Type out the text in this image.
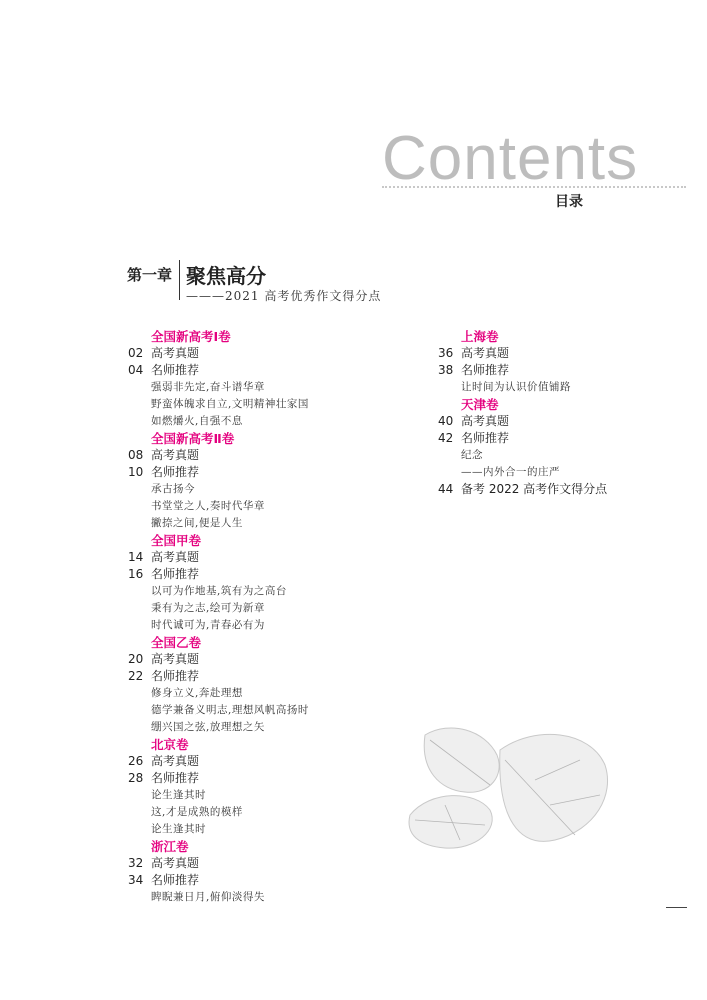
Contents
目录
第一章 聚焦高分
———2021 高考优秀作文得分点
全国新高考Ⅰ卷
02 高考真题
04 名师推荐
强弱非先定,奋斗谱华章
野蛮体魄求自立,文明精神壮家国
如燃爝火,自强不息
全国新高考Ⅱ卷
08 高考真题
10 名师推荐
承古扬今
书堂堂之人,奏时代华章
撇捺之间,便是人生
全国甲卷
14 高考真题
16 名师推荐
以可为作地基,筑有为之高台
秉有为之志,绘可为新章
时代诚可为,青春必有为
全国乙卷
20 高考真题
22 名师推荐
修身立义,奔赴理想
德学兼备义明志,理想风帆高扬时
绷兴国之弦,放理想之矢
北京卷
26 高考真题
28 名师推荐
论生逢其时
这,才是成熟的模样
论生逢其时
浙江卷
32 高考真题
34 名师推荐
睥睨兼日月,俯仰淡得失
上海卷
36 高考真题
38 名师推荐
让时间为认识价值铺路
天津卷
40 高考真题
42 名师推荐
纪念
——内外合一的庄严
44 备考 2022 高考作文得分点
